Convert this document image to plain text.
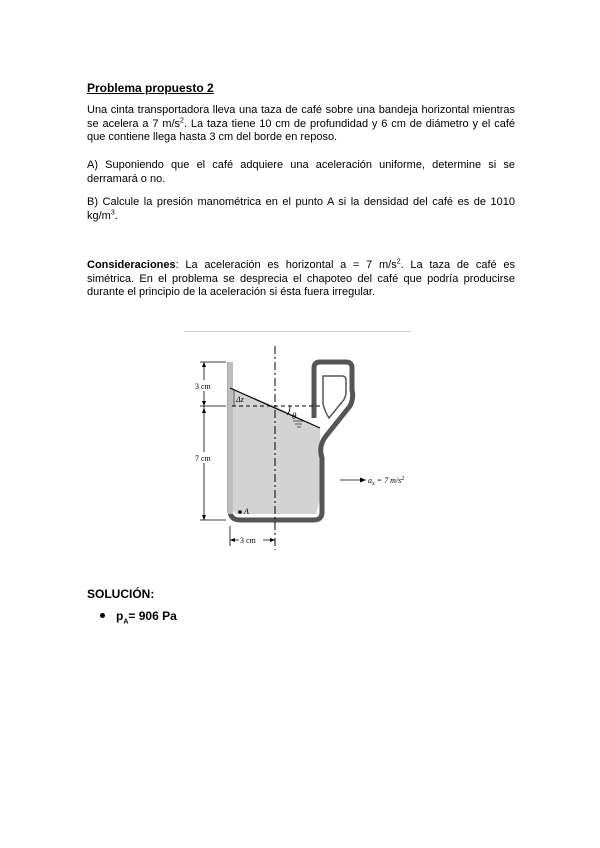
Problema propuesto 2

Una cinta transportadora lleva una taza de café sobre una bandeja horizontal mientras se acelera a 7 $m/s^2$. La taza tiene 10 cm de profundidad y 6 cm de diámetro y el café que contiene llega hasta 3 cm del borde en reposo.

A) Suponiendo que el café adquiere una aceleración uniforme, determine si se derramará o no.

B) Calcule la presión manométrica en el punto A si la densidad del café es de 1010 $kg/m^3$.

Consideraciones: La aceleración es horizontal a = 7 $m/s^2$. La taza de café es simétrica. En el problema se desprecia el chapoteo del café que podría producirse durante el principio de la aceleración si ésta fuera irregular.

θ
3 cm
7 cm
Δz
$a_x = 7$ $m/s^2$
A
3 cm
SOLUCIÓN:
$p_A= 906$ Pa
